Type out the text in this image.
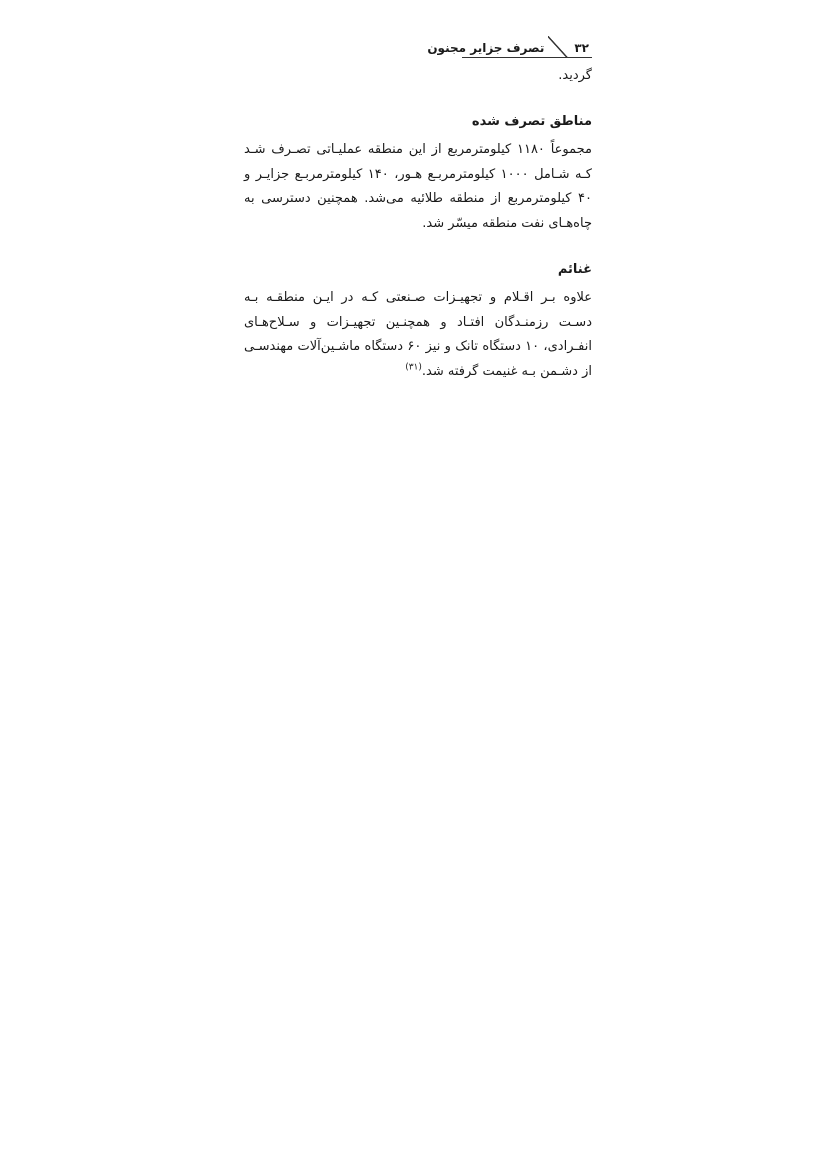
۳۲
تصرف جزایر مجنون
گردید.
مناطق تصرف شده

مجموعاً ۱۱۸۰ کیلومترمربع از این منطقه عملیـاتی تصـرف شـد کـه شـامل ۱۰۰۰ کیلومترمربـع هـور، ۱۴۰ کیلومترمربـع جزایـر و ۴۰ کیلومترمربع از منطقه طلائیه می‌شد. همچنین دسترسی به چاه‌هـای نفت منطقه میسّر شد.

غنائم

علاوه بـر اقـلام و تجهیـزات صـنعتی کـه در ایـن منطقـه بـه دسـت رزمنـدگان افتـاد و همچنـین تجهیـزات و سـلاح‌هـای انفـرادی، ۱۰ دستگاه تانک و نیز ۶۰ دستگاه ماشـین‌آلات مهندسـی از دشـمن بـه غنیمت گرفته شد.$^{(۳۱)}$
